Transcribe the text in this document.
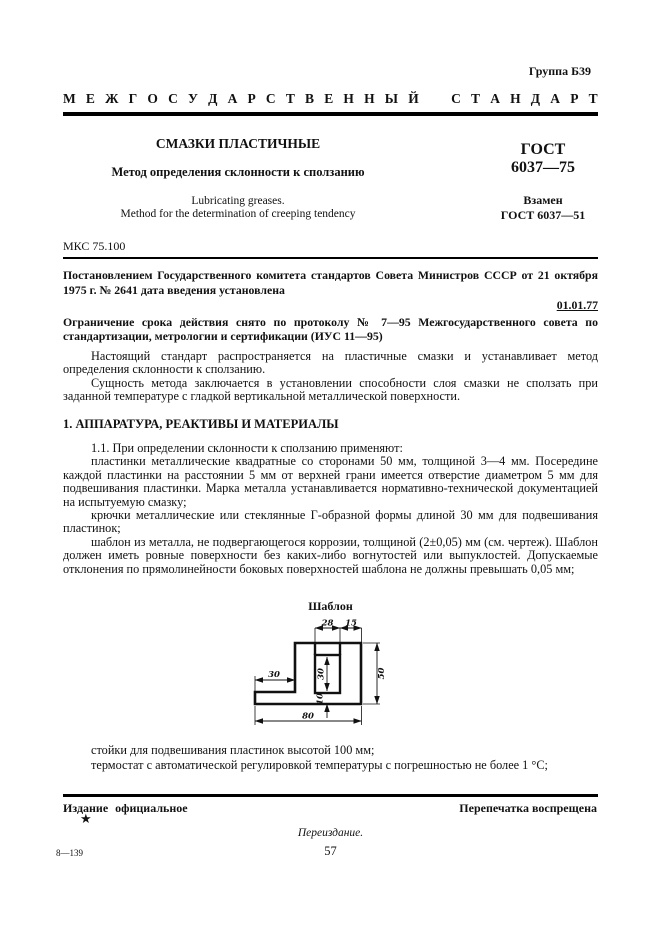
Группа Б39
М Е Ж Г О С У Д А Р С Т В Е Н Н Ы Й С Т А Н Д А Р Т

СМАЗКИ ПЛАСТИЧНЫЕ

Метод определения склонности к сползанию

Lubricating greases.
Method for the determination of creeping tendency
ГОСТ
6037—75
Взамен
ГОСТ 6037—51
МКС 75.100

Постановлением Государственного комитета стандартов Совета Министров СССР от 21 октября 1975 г. № 2641 дата введения установлена

01.01.77

Ограничение срока действия снято по протоколу № 7—95 Межгосударственного совета по стандартизации, метрологии и сертификации (ИУС 11—95)

Настоящий стандарт распространяется на пластичные смазки и устанавливает метод определения склонности к сползанию.

Сущность метода заключается в установлении способности слоя смазки не сползать при заданной температуре с гладкой вертикальной металлической поверхности.

1. АППАРАТУРА, РЕАКТИВЫ И МАТЕРИАЛЫ

1.1. При определении склонности к сползанию применяют:

пластинки металлические квадратные со сторонами 50 мм, толщиной 3—4 мм. Посередине каждой пластинки на расстоянии 5 мм от верхней грани имеется отверстие диаметром 5 мм для подвешивания пластинки. Марка металла устанавливается нормативно-технической документацией на испытуемую смазку;

крючки металлические или стеклянные Г-образной формы длиной 30 мм для подвешивания пластинок;

шаблон из металла, не подвергающегося коррозии, толщиной (2±0,05) мм (см. чертеж). Шаблон должен иметь ровные поверхности без каких-либо вогнутостей или выпуклостей. Допускаемые отклонения по прямолинейности боковых поверхностей шаблона не должны превышать 0,05 мм;

Шаблон
28 15
30	30
10
50
80

стойки для подвешивания пластинок высотой 100 мм;

термостат с автоматической регулировкой температуры с погрешностью не более 1 °С;

Издание официальное	Перепечатка воспрещена
★
Переиздание.
8—139	57
